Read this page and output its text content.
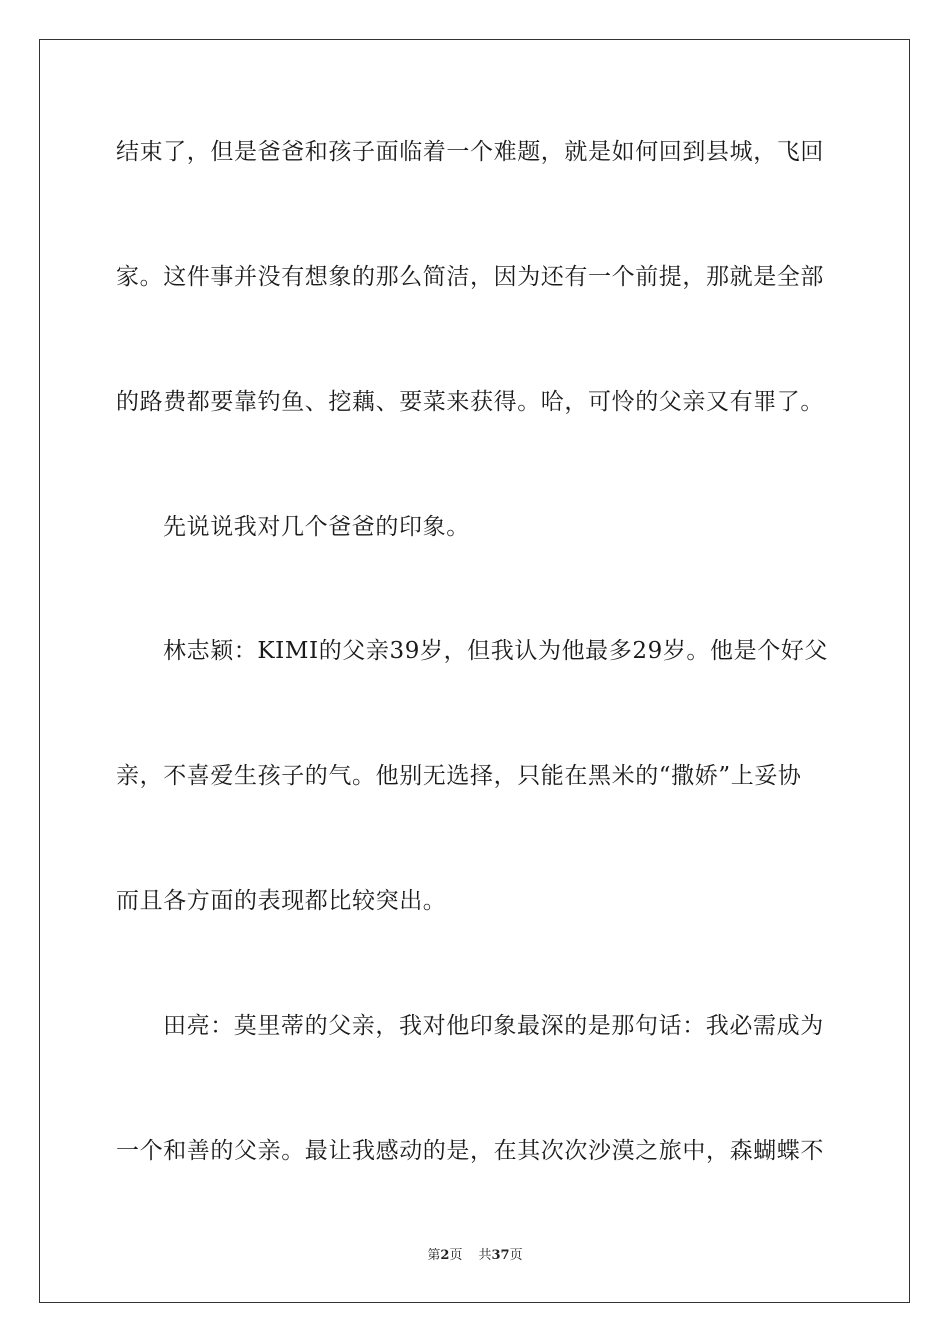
结束了，但是爸爸和孩子面临着一个难题，就是如何回到县城，飞回
家。这件事并没有想象的那么简洁，因为还有一个前提，那就是全部
的路费都要靠钓鱼、挖藕、要菜来获得。哈，可怜的父亲又有罪了。
先说说我对几个爸爸的印象。
林志颖：KIMI的父亲39岁，但我认为他最多29岁。他是个好父
亲，不喜爱生孩子的气。他别无选择，只能在黑米的“撒娇”上妥协
而且各方面的表现都比较突出。
田亮：莫里蒂的父亲，我对他印象最深的是那句话：我必需成为
一个和善的父亲。最让我感动的是，在其次次沙漠之旅中，森蝴蝶不
第2页 共37页
